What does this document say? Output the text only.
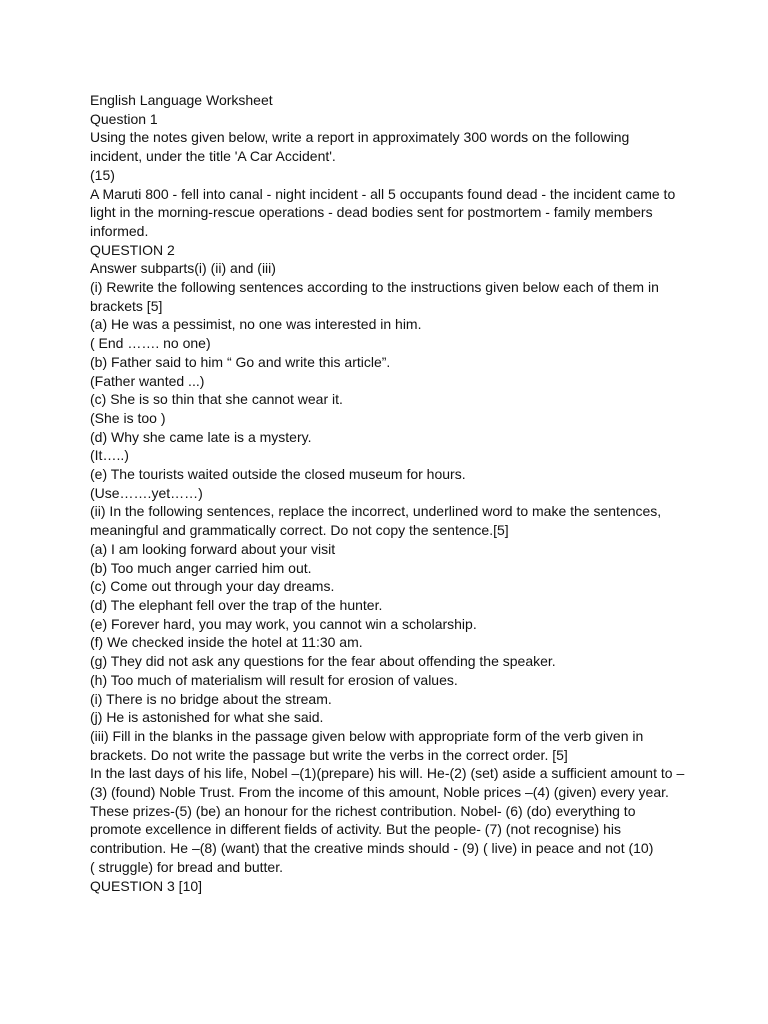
English Language Worksheet
Question 1
Using the notes given below, write a report in approximately 300 words on the following
incident, under the title 'A Car Accident'.
(15)
A Maruti 800 - fell into canal - night incident - all 5 occupants found dead - the incident came to
light in the morning-rescue operations - dead bodies sent for postmortem - family members
informed.
QUESTION 2
Answer subparts(i) (ii) and (iii)
(i) Rewrite the following sentences according to the instructions given below each of them in
brackets [5]
(a) He was a pessimist, no one was interested in him.
( End ……. no one)
(b) Father said to him “ Go and write this article”.
(Father wanted ...)
(c) She is so thin that she cannot wear it.
(She is too )
(d) Why she came late is a mystery.
(It…..)
(e) The tourists waited outside the closed museum for hours.
(Use…….yet……)
(ii) In the following sentences, replace the incorrect, underlined word to make the sentences,
meaningful and grammatically correct. Do not copy the sentence.[5]
(a) I am looking forward about your visit
(b) Too much anger carried him out.
(c) Come out through your day dreams.
(d) The elephant fell over the trap of the hunter.
(e) Forever hard, you may work, you cannot win a scholarship.
(f) We checked inside the hotel at 11:30 am.
(g) They did not ask any questions for the fear about offending the speaker.
(h) Too much of materialism will result for erosion of values.
(i) There is no bridge about the stream.
(j) He is astonished for what she said.
(iii) Fill in the blanks in the passage given below with appropriate form of the verb given in
brackets. Do not write the passage but write the verbs in the correct order. [5]
In the last days of his life, Nobel –(1)(prepare) his will. He-(2) (set) aside a sufficient amount to –
(3) (found) Noble Trust. From the income of this amount, Noble prices –(4) (given) every year.
These prizes-(5) (be) an honour for the richest contribution. Nobel- (6) (do) everything to
promote excellence in different fields of activity. But the people- (7) (not recognise) his
contribution. He –(8) (want) that the creative minds should - (9) ( live) in peace and not (10)
( struggle) for bread and butter.
QUESTION 3 [10]
